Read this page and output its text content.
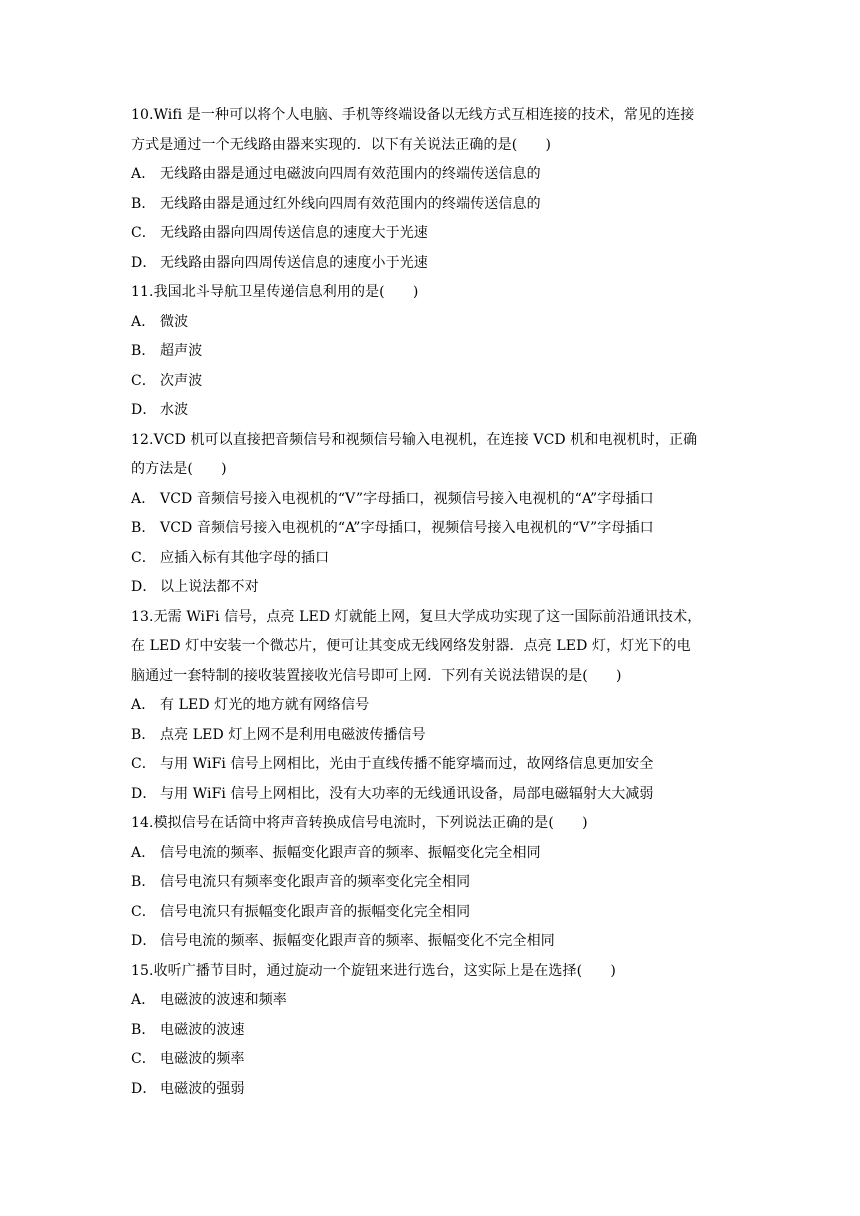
10.Wifi 是一种可以将个人电脑、手机等终端设备以无线方式互相连接的技术，常见的连接
方式是通过一个无线路由器来实现的．以下有关说法正确的是(　　)
A． 无线路由器是通过电磁波向四周有效范围内的终端传送信息的
B． 无线路由器是通过红外线向四周有效范围内的终端传送信息的
C． 无线路由器向四周传送信息的速度大于光速
D． 无线路由器向四周传送信息的速度小于光速
11.我国北斗导航卫星传递信息利用的是(　　)
A． 微波
B． 超声波
C． 次声波
D． 水波
12.VCD 机可以直接把音频信号和视频信号输入电视机，在连接 VCD 机和电视机时，正确
的方法是(　　)
A． VCD 音频信号接入电视机的“V”字母插口，视频信号接入电视机的“A”字母插口
B． VCD 音频信号接入电视机的“A”字母插口，视频信号接入电视机的“V”字母插口
C． 应插入标有其他字母的插口
D． 以上说法都不对
13.无需 WiFi 信号，点亮 LED 灯就能上网，复旦大学成功实现了这一国际前沿通讯技术，
在 LED 灯中安装一个微芯片，便可让其变成无线网络发射器．点亮 LED 灯，灯光下的电
脑通过一套特制的接收装置接收光信号即可上网．下列有关说法错误的是(　　)
A． 有 LED 灯光的地方就有网络信号
B． 点亮 LED 灯上网不是利用电磁波传播信号
C． 与用 WiFi 信号上网相比，光由于直线传播不能穿墙而过，故网络信息更加安全
D． 与用 WiFi 信号上网相比，没有大功率的无线通讯设备，局部电磁辐射大大减弱
14.模拟信号在话筒中将声音转换成信号电流时，下列说法正确的是(　　)
A． 信号电流的频率、振幅变化跟声音的频率、振幅变化完全相同
B． 信号电流只有频率变化跟声音的频率变化完全相同
C． 信号电流只有振幅变化跟声音的振幅变化完全相同
D． 信号电流的频率、振幅变化跟声音的频率、振幅变化不完全相同
15.收听广播节目时，通过旋动一个旋钮来进行选台，这实际上是在选择(　　)
A． 电磁波的波速和频率
B． 电磁波的波速
C． 电磁波的频率
D． 电磁波的强弱
